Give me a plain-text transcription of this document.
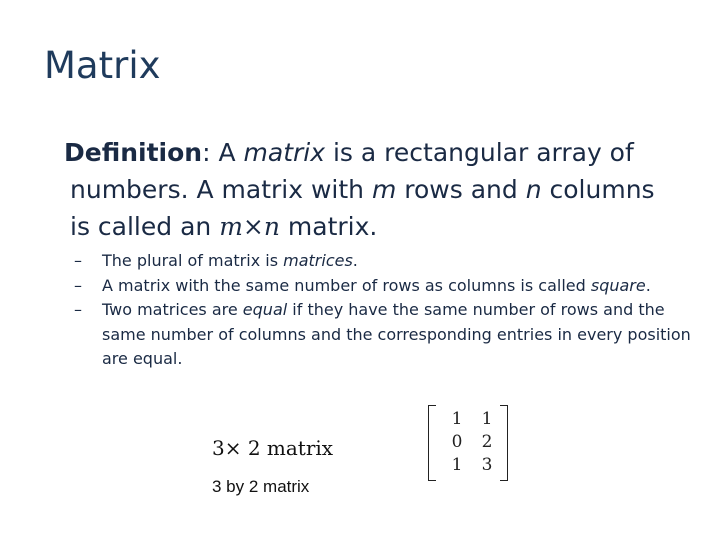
Matrix
Definition: A matrix is a rectangular array of
numbers. A matrix with m rows and n columns
is called an m×n matrix.
– The plural of matrix is matrices.
– A matrix with the same number of rows as columns is called square.
– Two matrices are equal if they have the same number of rows and the same number of columns and the corresponding entries in every position are equal.
3× 2 matrix
3 by 2 matrix
1	1
0	2
1	3
